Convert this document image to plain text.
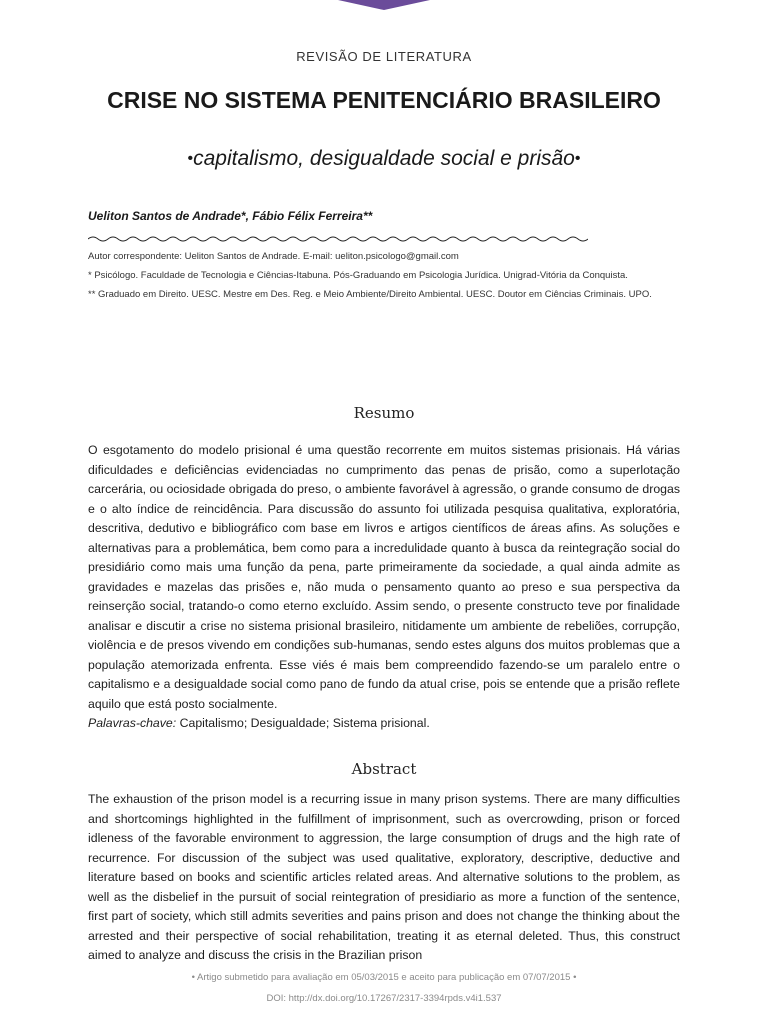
REVISÃO DE LITERATURA
CRISE NO SISTEMA PENITENCIÁRIO BRASILEIRO
•capitalismo, desigualdade social e prisão•
Ueliton Santos de Andrade*, Fábio Félix Ferreira**

Autor correspondente: Ueliton Santos de Andrade. E-mail: ueliton.psicologo@gmail.com

* Psicólogo. Faculdade de Tecnologia e Ciências-Itabuna. Pós-Graduando em Psicologia Jurídica. Unigrad-Vitória da Conquista.

** Graduado em Direito. UESC. Mestre em Des. Reg. e Meio Ambiente/Direito Ambiental. UESC. Doutor em Ciências Criminais. UPO.

Resumo

O esgotamento do modelo prisional é uma questão recorrente em muitos sistemas prisionais. Há várias dificuldades e deficiências evidenciadas no cumprimento das penas de prisão, como a superlotação carcerária, ou ociosidade obrigada do preso, o ambiente favorável à agressão, o grande consumo de drogas e o alto índice de reincidência. Para discussão do assunto foi utilizada pesquisa qualitativa, exploratória, descritiva, dedutivo e bibliográfico com base em livros e artigos científicos de áreas afins. As soluções e alternativas para a problemática, bem como para a incredulidade quanto à busca da reintegração social do presidiário como mais uma função da pena, parte primeiramente da sociedade, a qual ainda admite as gravidades e mazelas das prisões e, não muda o pensamento quanto ao preso e sua perspectiva da reinserção social, tratando-o como eterno excluído. Assim sendo, o presente constructo teve por finalidade analisar e discutir a crise no sistema prisional brasileiro, nitidamente um ambiente de rebeliões, corrupção, violência e de presos vivendo em condições sub-humanas, sendo estes alguns dos muitos problemas que a população atemorizada enfrenta. Esse viés é mais bem compreendido fazendo-se um paralelo entre o capitalismo e a desigualdade social como pano de fundo da atual crise, pois se entende que a prisão reflete aquilo que está posto socialmente.

Palavras-chave: Capitalismo; Desigualdade; Sistema prisional.

Abstract

The exhaustion of the prison model is a recurring issue in many prison systems. There are many difficulties and shortcomings highlighted in the fulfillment of imprisonment, such as overcrowding, prison or forced idleness of the favorable environment to aggression, the large consumption of drugs and the high rate of recurrence. For discussion of the subject was used qualitative, exploratory, descriptive, deductive and literature based on books and scientific articles related areas. And alternative solutions to the problem, as well as the disbelief in the pursuit of social reintegration of presidiario as more a function of the sentence, first part of society, which still admits severities and pains prison and does not change the thinking about the arrested and their perspective of social rehabilitation, treating it as eternal deleted. Thus, this construct aimed to analyze and discuss the crisis in the Brazilian prison

• Artigo submetido para avaliação em 05/03/2015 e aceito para publicação em 07/07/2015 •
DOI: http://dx.doi.org/10.17267/2317-3394rpds.v4i1.537
